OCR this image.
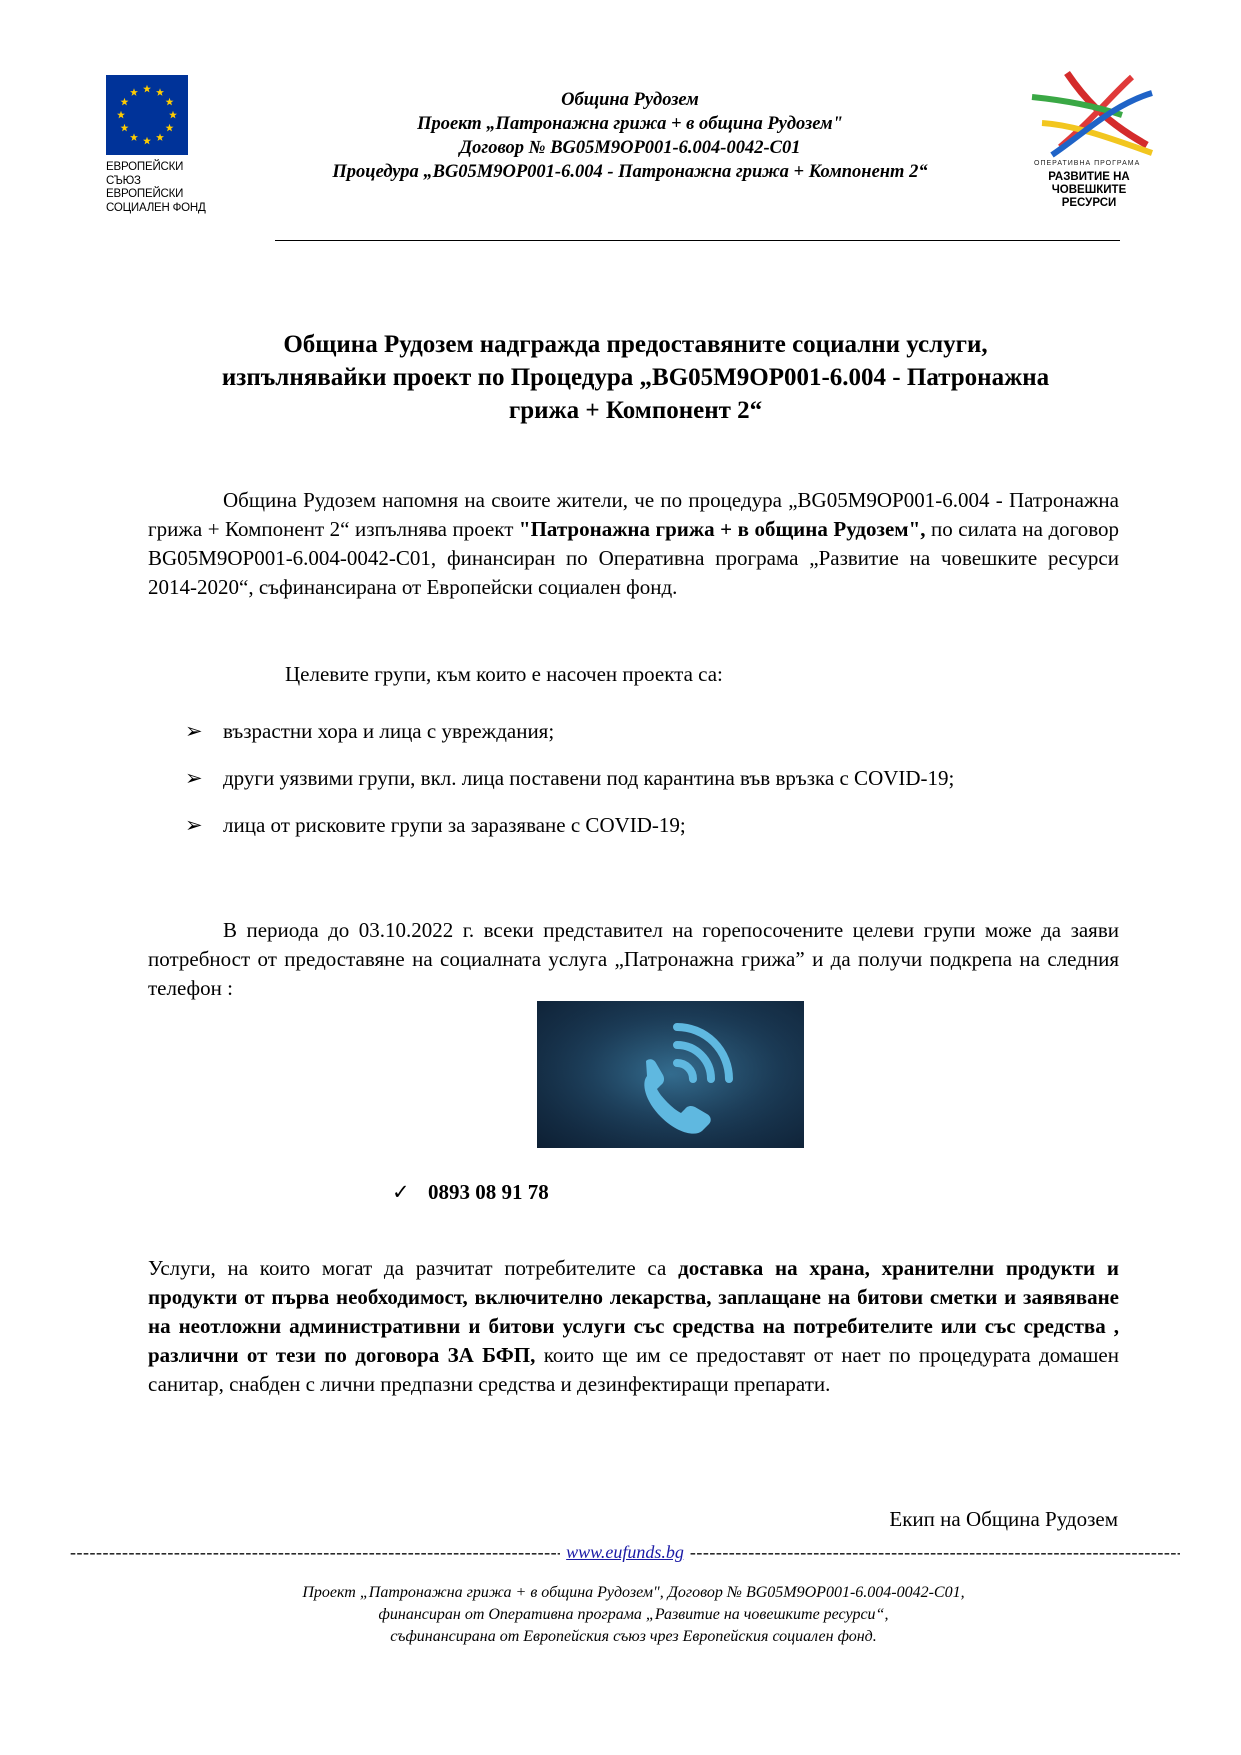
ЕВРОПЕЙСКИ СЪЮЗ
ЕВРОПЕЙСКИ
СОЦИАЛЕН ФОНД
Община Рудозем
Проект „Патронажна грижа + в община Рудозем"
Договор № BG05M9OP001-6.004-0042-C01
Процедура „BG05M9OP001-6.004 - Патронажна грижа + Компонент 2“	ОПЕРАТИВНА ПРОГРАМА
РАЗВИТИЕ НА
ЧОВЕШКИТЕ РЕСУРСИ
Община Рудозем надгражда предоставяните социални услуги,
изпълнявайки проект по Процедура „BG05M9OP001-6.004 - Патронажна
грижа + Компонент 2“
Община Рудозем напомня на своите жители, че по процедура „BG05M9OP001-6.004 - Патронажна грижа + Компонент 2“ изпълнява проект "Патронажна грижа + в община Рудозем", по силата на договор BG05M9OP001-6.004-0042-C01, финансиран по Оперативна програма „Развитие на човешките ресурси 2014-2020“, съфинансирана от Европейски социален фонд.
Целевите групи, към които е насочен проекта са:
➢ възрастни хора и лица с увреждания;
➢ други уязвими групи, вкл. лица поставени под карантина във връзка с COVID-19;
➢ лица от рисковите групи за заразяване с COVID-19;
В периода до 03.10.2022 г. всеки представител на горепосочените целеви групи може да заяви потребност от предоставяне на социалната услуга „Патронажна грижа” и да получи подкрепа на следния телефон :
✓ 0893 08 91 78
Услуги, на които могат да разчитат потребителите са доставка на храна, хранителни продукти и продукти от първа необходимост, включително лекарства, заплащане на битови сметки и заявяване на неотложни административни и битови услуги със средства на потребителите или със средства , различни от тези по договора ЗА БФП, които ще им се предоставят от нает по процедурата домашен санитар, снабден с лични предпазни средства и дезинфектиращи препарати.
Екип на Община Рудозем
-----
www.eufunds.bg
-----
Проект „Патронажна грижа + в община Рудозем", Договор № BG05M9OP001-6.004-0042-C01,
финансиран от Оперативна програма „Развитие на човешките ресурси“,
съфинансирана от Европейския съюз чрез Европейския социален фонд.
